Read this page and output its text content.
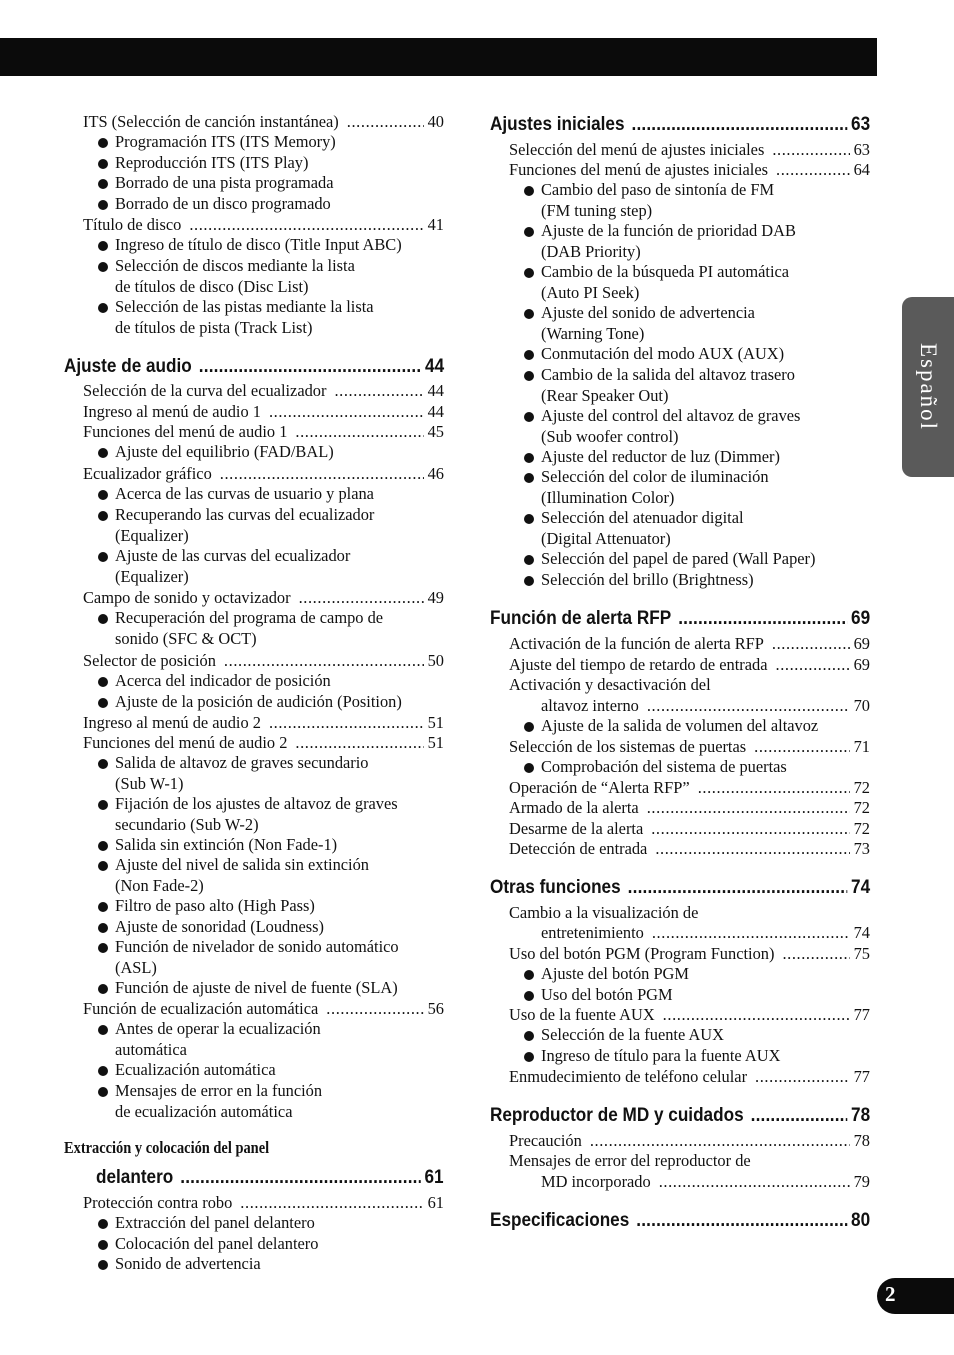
Español
2
ITS (Selección de canción instantánea) .....	40
Programación ITS (ITS Memory)
Reproducción ITS (ITS Play)
Borrado de una pista programada
Borrado de un disco programado
Título de disco .....	41
Ingreso de título de disco (Title Input ABC)
Selección de discos mediante la lista
de títulos de disco (Disc List)
Selección de las pistas mediante la lista
de títulos de pista (Track List)
Ajuste de audio .....	44
Selección de la curva del ecualizador .....	44
Ingreso al menú de audio 1 .....	44
Funciones del menú de audio 1 .....	45
Ajuste del equilibrio (FAD/BAL)
Ecualizador gráfico .....	46
Acerca de las curvas de usuario y plana
Recuperando las curvas del ecualizador
(Equalizer)
Ajuste de las curvas del ecualizador
(Equalizer)
Campo de sonido y octavizador .....	49
Recuperación del programa de campo de
sonido (SFC & OCT)
Selector de posición .....	50
Acerca del indicador de posición
Ajuste de la posición de audición (Position)
Ingreso al menú de audio 2 .....	51
Funciones del menú de audio 2 .....	51
Salida de altavoz de graves secundario
(Sub W-1)
Fijación de los ajustes de altavoz de graves
secundario (Sub W-2)
Salida sin extinción (Non Fade-1)
Ajuste del nivel de salida sin extinción
(Non Fade-2)
Filtro de paso alto (High Pass)
Ajuste de sonoridad (Loudness)
Función de nivelador de sonido automático
(ASL)
Función de ajuste de nivel de fuente (SLA)
Función de ecualización automática .....	56
Antes de operar la ecualización
automática
Ecualización automática
Mensajes de error en la función
de ecualización automática
Extracción y colocación del panel
delantero .....	61
Protección contra robo .....	61
Extracción del panel delantero
Colocación del panel delantero
Sonido de advertencia
Ajustes iniciales .....	63
Selección del menú de ajustes iniciales .....	63
Funciones del menú de ajustes iniciales .....	64
Cambio del paso de sintonía de FM
(FM tuning step)
Ajuste de la función de prioridad DAB
(DAB Priority)
Cambio de la búsqueda PI automática
(Auto PI Seek)
Ajuste del sonido de advertencia
(Warning Tone)
Conmutación del modo AUX (AUX)
Cambio de la salida del altavoz trasero
(Rear Speaker Out)
Ajuste del control del altavoz de graves
(Sub woofer control)
Ajuste del reductor de luz (Dimmer)
Selección del color de iluminación
(Illumination Color)
Selección del atenuador digital
(Digital Attenuator)
Selección del papel de pared (Wall Paper)
Selección del brillo (Brightness)
Función de alerta RFP .....	69
Activación de la función de alerta RFP .....	69
Ajuste del tiempo de retardo de entrada .....	69
Activación y desactivación del
altavoz interno .....	70
Ajuste de la salida de volumen del altavoz
Selección de los sistemas de puertas .....	71
Comprobación del sistema de puertas
Operación de “Alerta RFP” .....	72
Armado de la alerta .....	72
Desarme de la alerta .....	72
Detección de entrada .....	73
Otras funciones .....	74
Cambio a la visualización de
entretenimiento .....	74
Uso del botón PGM (Program Function) .....	75
Ajuste del botón PGM
Uso del botón PGM
Uso de la fuente AUX .....	77
Selección de la fuente AUX
Ingreso de título para la fuente AUX
Enmudecimiento de teléfono celular .....	77
Reproductor de MD y cuidados .....	78
Precaución .....	78
Mensajes de error del reproductor de
MD incorporado .....	79
Especificaciones .....	80
